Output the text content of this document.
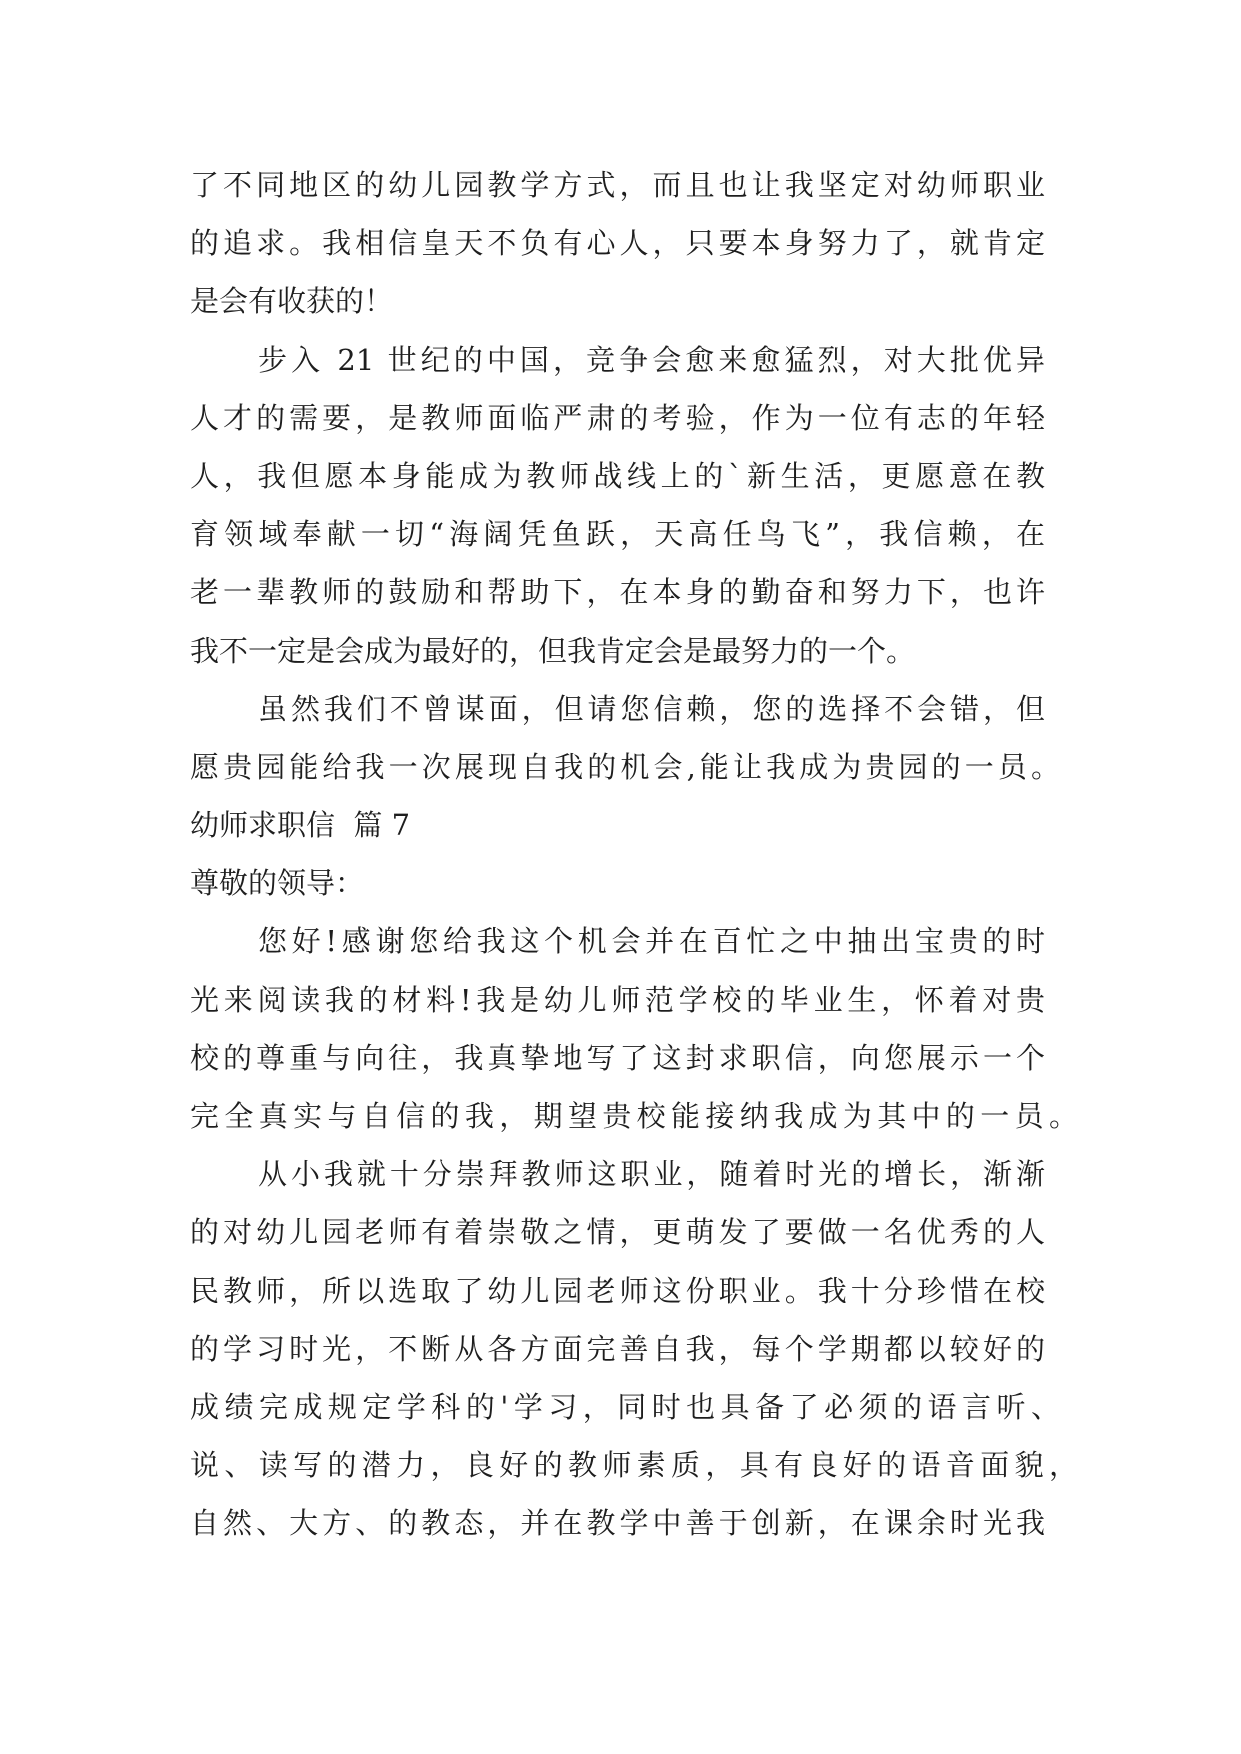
了不同地区的幼儿园教学方式，而且也让我坚定对幼师职业
的追求。我相信皇天不负有心人，只要本身努力了，就肯定
是会有收获的！
步入 21 世纪的中国，竞争会愈来愈猛烈，对大批优异
人才的需要，是教师面临严肃的考验，作为一位有志的年轻
人，我但愿本身能成为教师战线上的`新生活，更愿意在教
育领域奉献一切“海阔凭鱼跃，天高任鸟飞”，我信赖，在
老一辈教师的鼓励和帮助下，在本身的勤奋和努力下，也许
我不一定是会成为最好的，但我肯定会是最努力的一个。
虽然我们不曾谋面，但请您信赖，您的选择不会错，但
愿贵园能给我一次展现自我的机会,能让我成为贵园的一员。
幼师求职信  篇 7
尊敬的领导：
您好!感谢您给我这个机会并在百忙之中抽出宝贵的时
光来阅读我的材料!我是幼儿师范学校的毕业生，怀着对贵
校的尊重与向往，我真挚地写了这封求职信，向您展示一个
完全真实与自信的我，期望贵校能接纳我成为其中的一员。
从小我就十分崇拜教师这职业，随着时光的增长，渐渐
的对幼儿园老师有着崇敬之情，更萌发了要做一名优秀的人
民教师，所以选取了幼儿园老师这份职业。我十分珍惜在校
的学习时光，不断从各方面完善自我，每个学期都以较好的
成绩完成规定学科的'学习，同时也具备了必须的语言听、
说、读写的潜力，良好的教师素质，具有良好的语音面貌，
自然、大方、的教态，并在教学中善于创新，在课余时光我
